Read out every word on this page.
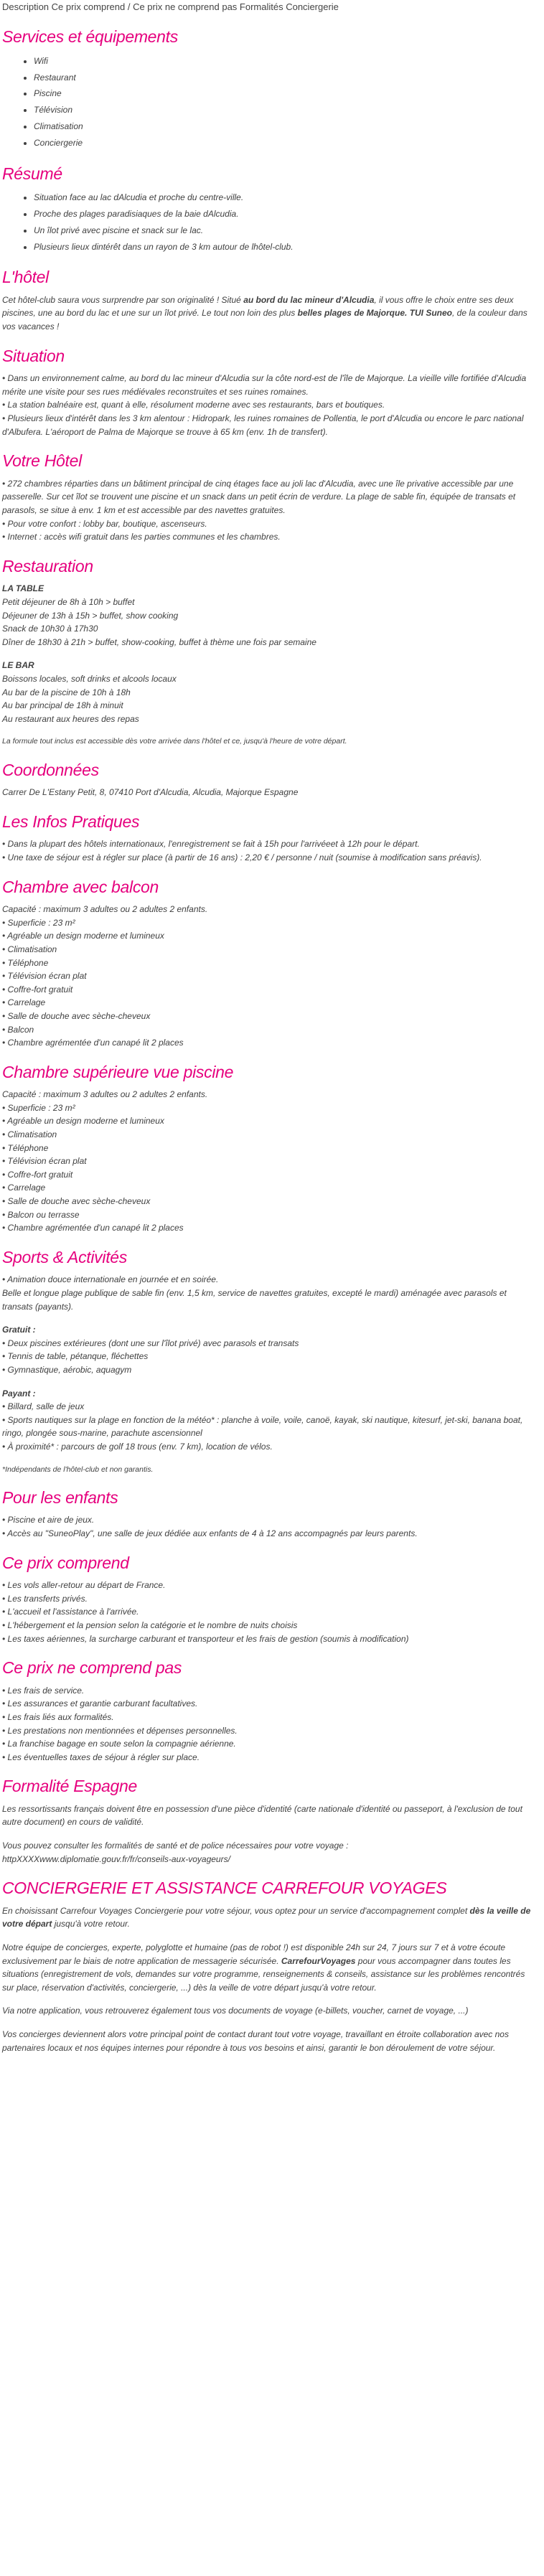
Description Ce prix comprend / Ce prix ne comprend pas Formalités Conciergerie

Services et équipements
• Wifi
• Restaurant
• Piscine
• Télévision
• Climatisation
• Conciergerie
Résumé
• Situation face au lac dAlcudia et proche du centre-ville.
• Proche des plages paradisiaques de la baie dAlcudia.
• Un îlot privé avec piscine et snack sur le lac.
• Plusieurs lieux dintérêt dans un rayon de 3 km autour de lhôtel-club.
L'hôtel

Cet hôtel-club saura vous surprendre par son originalité ! Situé au bord du lac mineur d'Alcudia, il vous offre le choix entre ses deux piscines, une au bord du lac et une sur un îlot privé. Le tout non loin des plus belles plages de Majorque. TUI Suneo, de la couleur dans vos vacances !

Situation

• Dans un environnement calme, au bord du lac mineur d'Alcudia sur la côte nord-est de l'île de Majorque. La vieille ville fortifiée d'Alcudia mérite une visite pour ses rues médiévales reconstruites et ses ruines romaines.

• La station balnéaire est, quant à elle, résolument moderne avec ses restaurants, bars et boutiques.

• Plusieurs lieux d'intérêt dans les 3 km alentour : Hidropark, les ruines romaines de Pollentia, le port d'Alcudia ou encore le parc national d'Albufera. L'aéroport de Palma de Majorque se trouve à 65 km (env. 1h de transfert).

Votre Hôtel

• 272 chambres réparties dans un bâtiment principal de cinq étages face au joli lac d'Alcudia, avec une île privative accessible par une passerelle. Sur cet îlot se trouvent une piscine et un snack dans un petit écrin de verdure. La plage de sable fin, équipée de transats et parasols, se situe à env. 1 km et est accessible par des navettes gratuites.

• Pour votre confort : lobby bar, boutique, ascenseurs.

• Internet : accès wifi gratuit dans les parties communes et les chambres.

Restauration

LA TABLE

Petit déjeuner de 8h à 10h > buffet

Déjeuner de 13h à 15h > buffet, show cooking

Snack de 10h30 à 17h30

Dîner de 18h30 à 21h > buffet, show-cooking, buffet à thème une fois par semaine

LE BAR

Boissons locales, soft drinks et alcools locaux

Au bar de la piscine de 10h à 18h

Au bar principal de 18h à minuit

Au restaurant aux heures des repas

La formule tout inclus est accessible dès votre arrivée dans l'hôtel et ce, jusqu'à l'heure de votre départ.

Coordonnées

Carrer De L'Estany Petit, 8, 07410 Port d'Alcudia, Alcudia, Majorque Espagne

Les Infos Pratiques

• Dans la plupart des hôtels internationaux, l'enregistrement se fait à 15h pour l'arrivéeet à 12h pour le départ.

• Une taxe de séjour est à régler sur place (à partir de 16 ans) : 2,20 € / personne / nuit (soumise à modification sans préavis).

Chambre avec balcon

Capacité : maximum 3 adultes ou 2 adultes 2 enfants.

• Superficie : 23 m²

• Agréable un design moderne et lumineux

• Climatisation

• Téléphone

• Télévision écran plat

• Coffre-fort gratuit

• Carrelage

• Salle de douche avec sèche-cheveux

• Balcon

• Chambre agrémentée d'un canapé lit 2 places

Chambre supérieure vue piscine

Capacité : maximum 3 adultes ou 2 adultes 2 enfants.

• Superficie : 23 m²

• Agréable un design moderne et lumineux

• Climatisation

• Téléphone

• Télévision écran plat

• Coffre-fort gratuit

• Carrelage

• Salle de douche avec sèche-cheveux

• Balcon ou terrasse

• Chambre agrémentée d'un canapé lit 2 places

Sports & Activités

• Animation douce internationale en journée et en soirée.

Belle et longue plage publique de sable fin (env. 1,5 km, service de navettes gratuites, excepté le mardi) aménagée avec parasols et transats (payants).

Gratuit :

• Deux piscines extérieures (dont une sur l'îlot privé) avec parasols et transats

• Tennis de table, pétanque, fléchettes

• Gymnastique, aérobic, aquagym

Payant :

• Billard, salle de jeux

• Sports nautiques sur la plage en fonction de la météo* : planche à voile, voile, canoë, kayak, ski nautique, kitesurf, jet-ski, banana boat, ringo, plongée sous-marine, parachute ascensionnel

• À proximité* : parcours de golf 18 trous (env. 7 km), location de vélos.

*Indépendants de l'hôtel-club et non garantis.

Pour les enfants

• Piscine et aire de jeux.

• Accès au "SuneoPlay", une salle de jeux dédiée aux enfants de 4 à 12 ans accompagnés par leurs parents.

Ce prix comprend

• Les vols aller-retour au départ de France.

• Les transferts privés.

• L'accueil et l'assistance à l'arrivée.

• L'hébergement et la pension selon la catégorie et le nombre de nuits choisis

• Les taxes aériennes, la surcharge carburant et transporteur et les frais de gestion (soumis à modification)

Ce prix ne comprend pas

• Les frais de service.

• Les assurances et garantie carburant facultatives.

• Les frais liés aux formalités.

• Les prestations non mentionnées et dépenses personnelles.

• La franchise bagage en soute selon la compagnie aérienne.

• Les éventuelles taxes de séjour à régler sur place.

Formalité Espagne

Les ressortissants français doivent être en possession d'une pièce d'identité (carte nationale d'identité ou passeport, à l'exclusion de tout autre document) en cours de validité.

Vous pouvez consulter les formalités de santé et de police nécessaires pour votre voyage :

httpXXXXwww.diplomatie.gouv.fr/fr/conseils-aux-voyageurs/

CONCIERGERIE ET ASSISTANCE CARREFOUR VOYAGES

En choisissant Carrefour Voyages Conciergerie pour votre séjour, vous optez pour un service d'accompagnement complet dès la veille de votre départ jusqu'à votre retour.

Notre équipe de concierges, experte, polyglotte et humaine (pas de robot !) est disponible 24h sur 24, 7 jours sur 7 et à votre écoute exclusivement par le biais de notre application de messagerie sécurisée. CarrefourVoyages pour vous accompagner dans toutes les situations (enregistrement de vols, demandes sur votre programme, renseignements & conseils, assistance sur les problèmes rencontrés sur place, réservation d'activités, conciergerie, ...) dès la veille de votre départ jusqu'à votre retour.

Via notre application, vous retrouverez également tous vos documents de voyage (e-billets, voucher, carnet de voyage, ...)

Vos concierges deviennent alors votre principal point de contact durant tout votre voyage, travaillant en étroite collaboration avec nos partenaires locaux et nos équipes internes pour répondre à tous vos besoins et ainsi, garantir le bon déroulement de votre séjour.
